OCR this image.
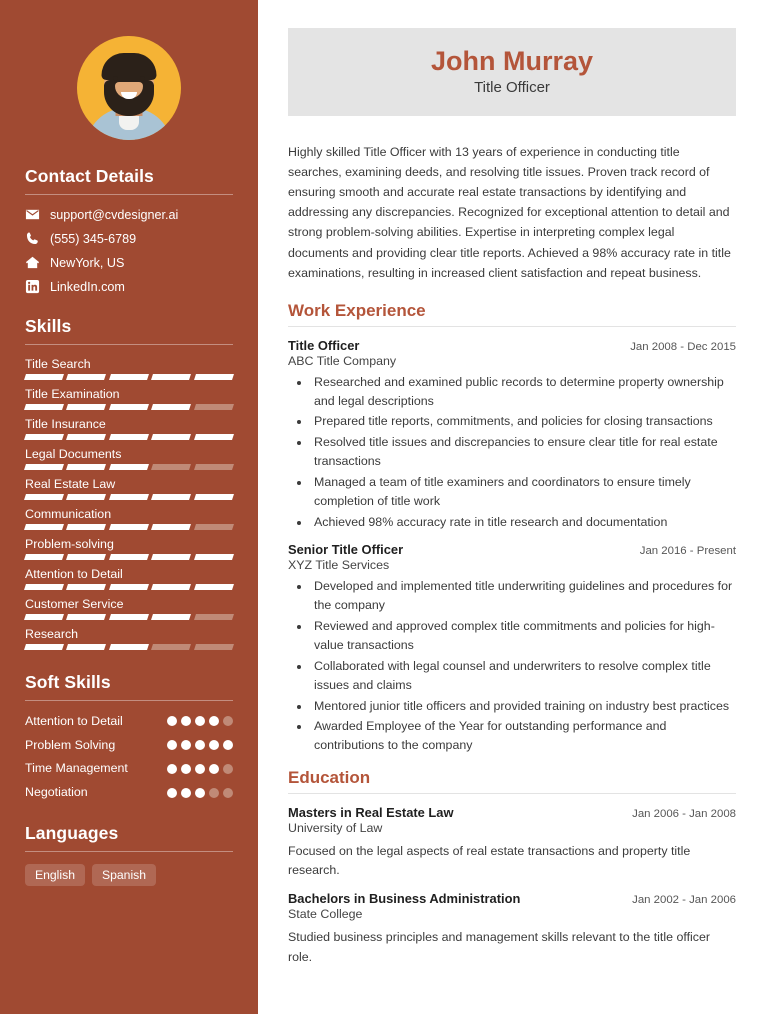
Contact Details
support@cvdesigner.ai
(555) 345-6789
NewYork, US
LinkedIn.com
Skills
Title Search
Title Examination
Title Insurance
Legal Documents
Real Estate Law
Communication
Problem-solving
Attention to Detail
Customer Service
Research
Soft Skills
Attention to Detail
Problem Solving
Time Management
Negotiation
Languages
English	Spanish
John Murray
Title Officer

Highly skilled Title Officer with 13 years of experience in conducting title searches, examining deeds, and resolving title issues. Proven track record of ensuring smooth and accurate real estate transactions by identifying and addressing any discrepancies. Recognized for exceptional attention to detail and strong problem-solving abilities. Expertise in interpreting complex legal documents and providing clear title reports. Achieved a 98% accuracy rate in title examinations, resulting in increased client satisfaction and repeat business.

Work Experience
Title Officer	Jan 2008 - Dec 2015
ABC Title Company
• Researched and examined public records to determine property ownership and legal descriptions
• Prepared title reports, commitments, and policies for closing transactions
• Resolved title issues and discrepancies to ensure clear title for real estate transactions
• Managed a team of title examiners and coordinators to ensure timely completion of title work
• Achieved 98% accuracy rate in title research and documentation
Senior Title Officer	Jan 2016 - Present
XYZ Title Services
• Developed and implemented title underwriting guidelines and procedures for the company
• Reviewed and approved complex title commitments and policies for high-value transactions
• Collaborated with legal counsel and underwriters to resolve complex title issues and claims
• Mentored junior title officers and provided training on industry best practices
• Awarded Employee of the Year for outstanding performance and contributions to the company
Education
Masters in Real Estate Law	Jan 2006 - Jan 2008
University of Law
Focused on the legal aspects of real estate transactions and property title research.
Bachelors in Business Administration	Jan 2002 - Jan 2006
State College
Studied business principles and management skills relevant to the title officer role.
